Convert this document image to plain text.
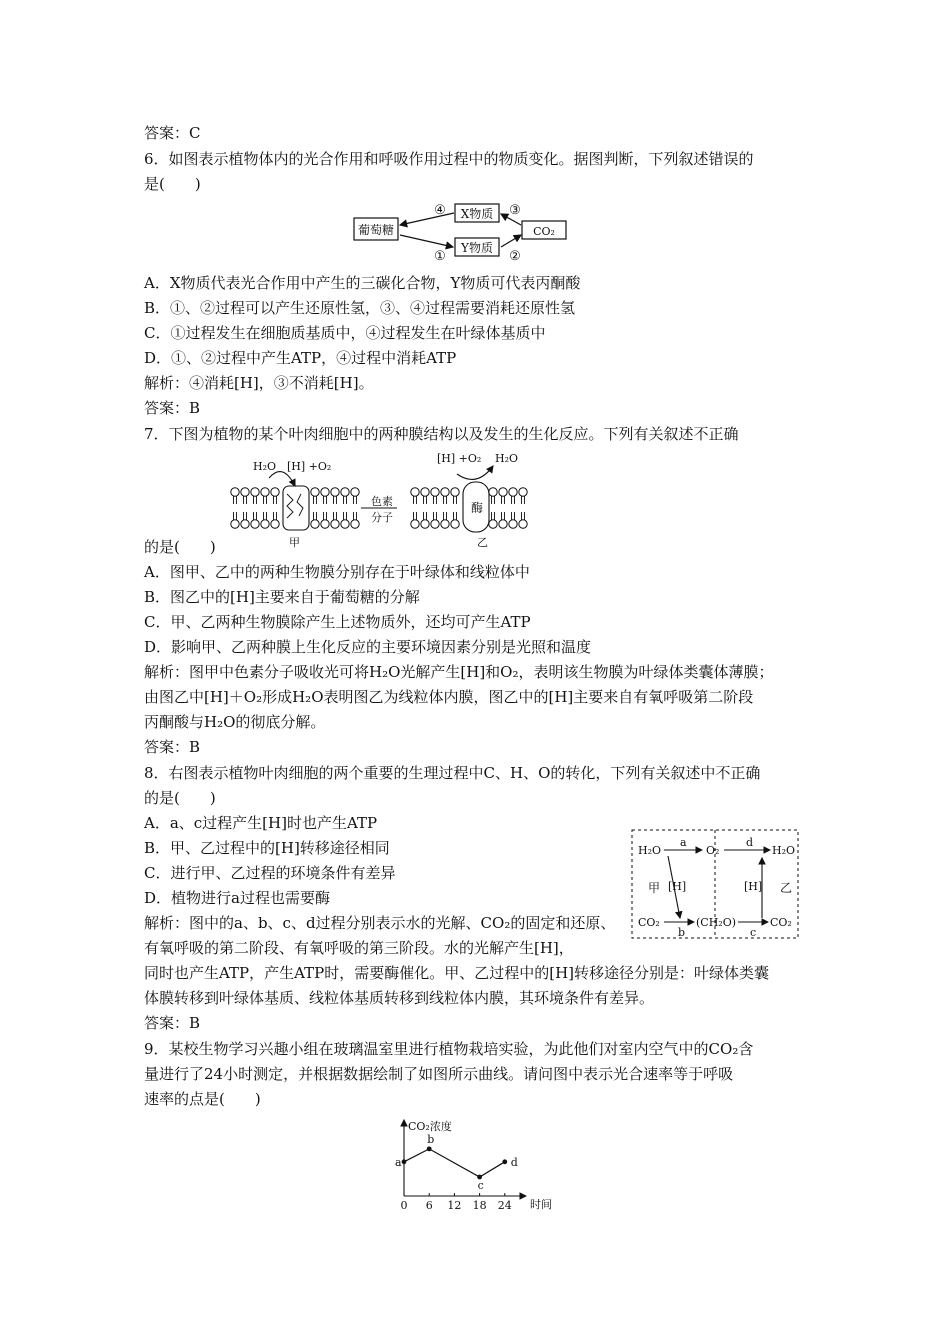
答案：C
6．如图表示植物体内的光合作用和呼吸作用过程中的物质变化。据图判断，下列叙述错误的
是(　　)
葡萄糖
X物质
Y物质
CO₂
④
①
③
②
A．X物质代表光合作用中产生的三碳化合物，Y物质可代表丙酮酸
B．①、②过程可以产生还原性氢，③、④过程需要消耗还原性氢
C．①过程发生在细胞质基质中，④过程发生在叶绿体基质中
D．①、②过程中产生ATP，④过程中消耗ATP
解析：④消耗[H]，③不消耗[H]。
答案：B
7．下图为植物的某个叶肉细胞中的两种膜结构以及发生的生化反应。下列有关叙述不正确
H₂O [H] +O₂
色素
分子
甲
酶
[H] +O₂ H₂O
乙
的是(　　)
A．图甲、乙中的两种生物膜分别存在于叶绿体和线粒体中
B．图乙中的[H]主要来自于葡萄糖的分解
C．甲、乙两种生物膜除产生上述物质外，还均可产生ATP
D．影响甲、乙两种膜上生化反应的主要环境因素分别是光照和温度
解析：图甲中色素分子吸收光可将H₂O光解产生[H]和O₂，表明该生物膜为叶绿体类囊体薄膜；
由图乙中[H]＋O₂形成H₂O表明图乙为线粒体内膜，图乙中的[H]主要来自有氧呼吸第二阶段
丙酮酸与H₂O的彻底分解。
答案：B
8．右图表示植物叶肉细胞的两个重要的生理过程中C、H、O的转化，下列有关叙述中不正确
的是(　　)
A．a、c过程产生[H]时也产生ATP
B．甲、乙过程中的[H]转移途径相同
C．进行甲、乙过程的环境条件有差异
D．植物进行a过程也需要酶
解析：图中的a、b、c、d过程分别表示水的光解、CO₂的固定和还原、
有氧呼吸的第二阶段、有氧呼吸的第三阶段。水的光解产生[H]，
同时也产生ATP，产生ATP时，需要酶催化。甲、乙过程中的[H]转移途径分别是：叶绿体类囊
体膜转移到叶绿体基质、线粒体基质转移到线粒体内膜，其环境条件有差异。
答案：B
H₂O
a
O₂
d
H₂O
甲 [H]	[H] 乙
CO₂
b
(CH₂O)
c
CO₂
9．某校生物学习兴趣小组在玻璃温室里进行植物栽培实验，为此他们对室内空气中的CO₂含
量进行了24小时测定，并根据数据绘制了如图所示曲线。请问图中表示光合速率等于呼吸
速率的点是(　　)
CO₂浓度
时间
0 6 12 18 24
a
b
c
d
